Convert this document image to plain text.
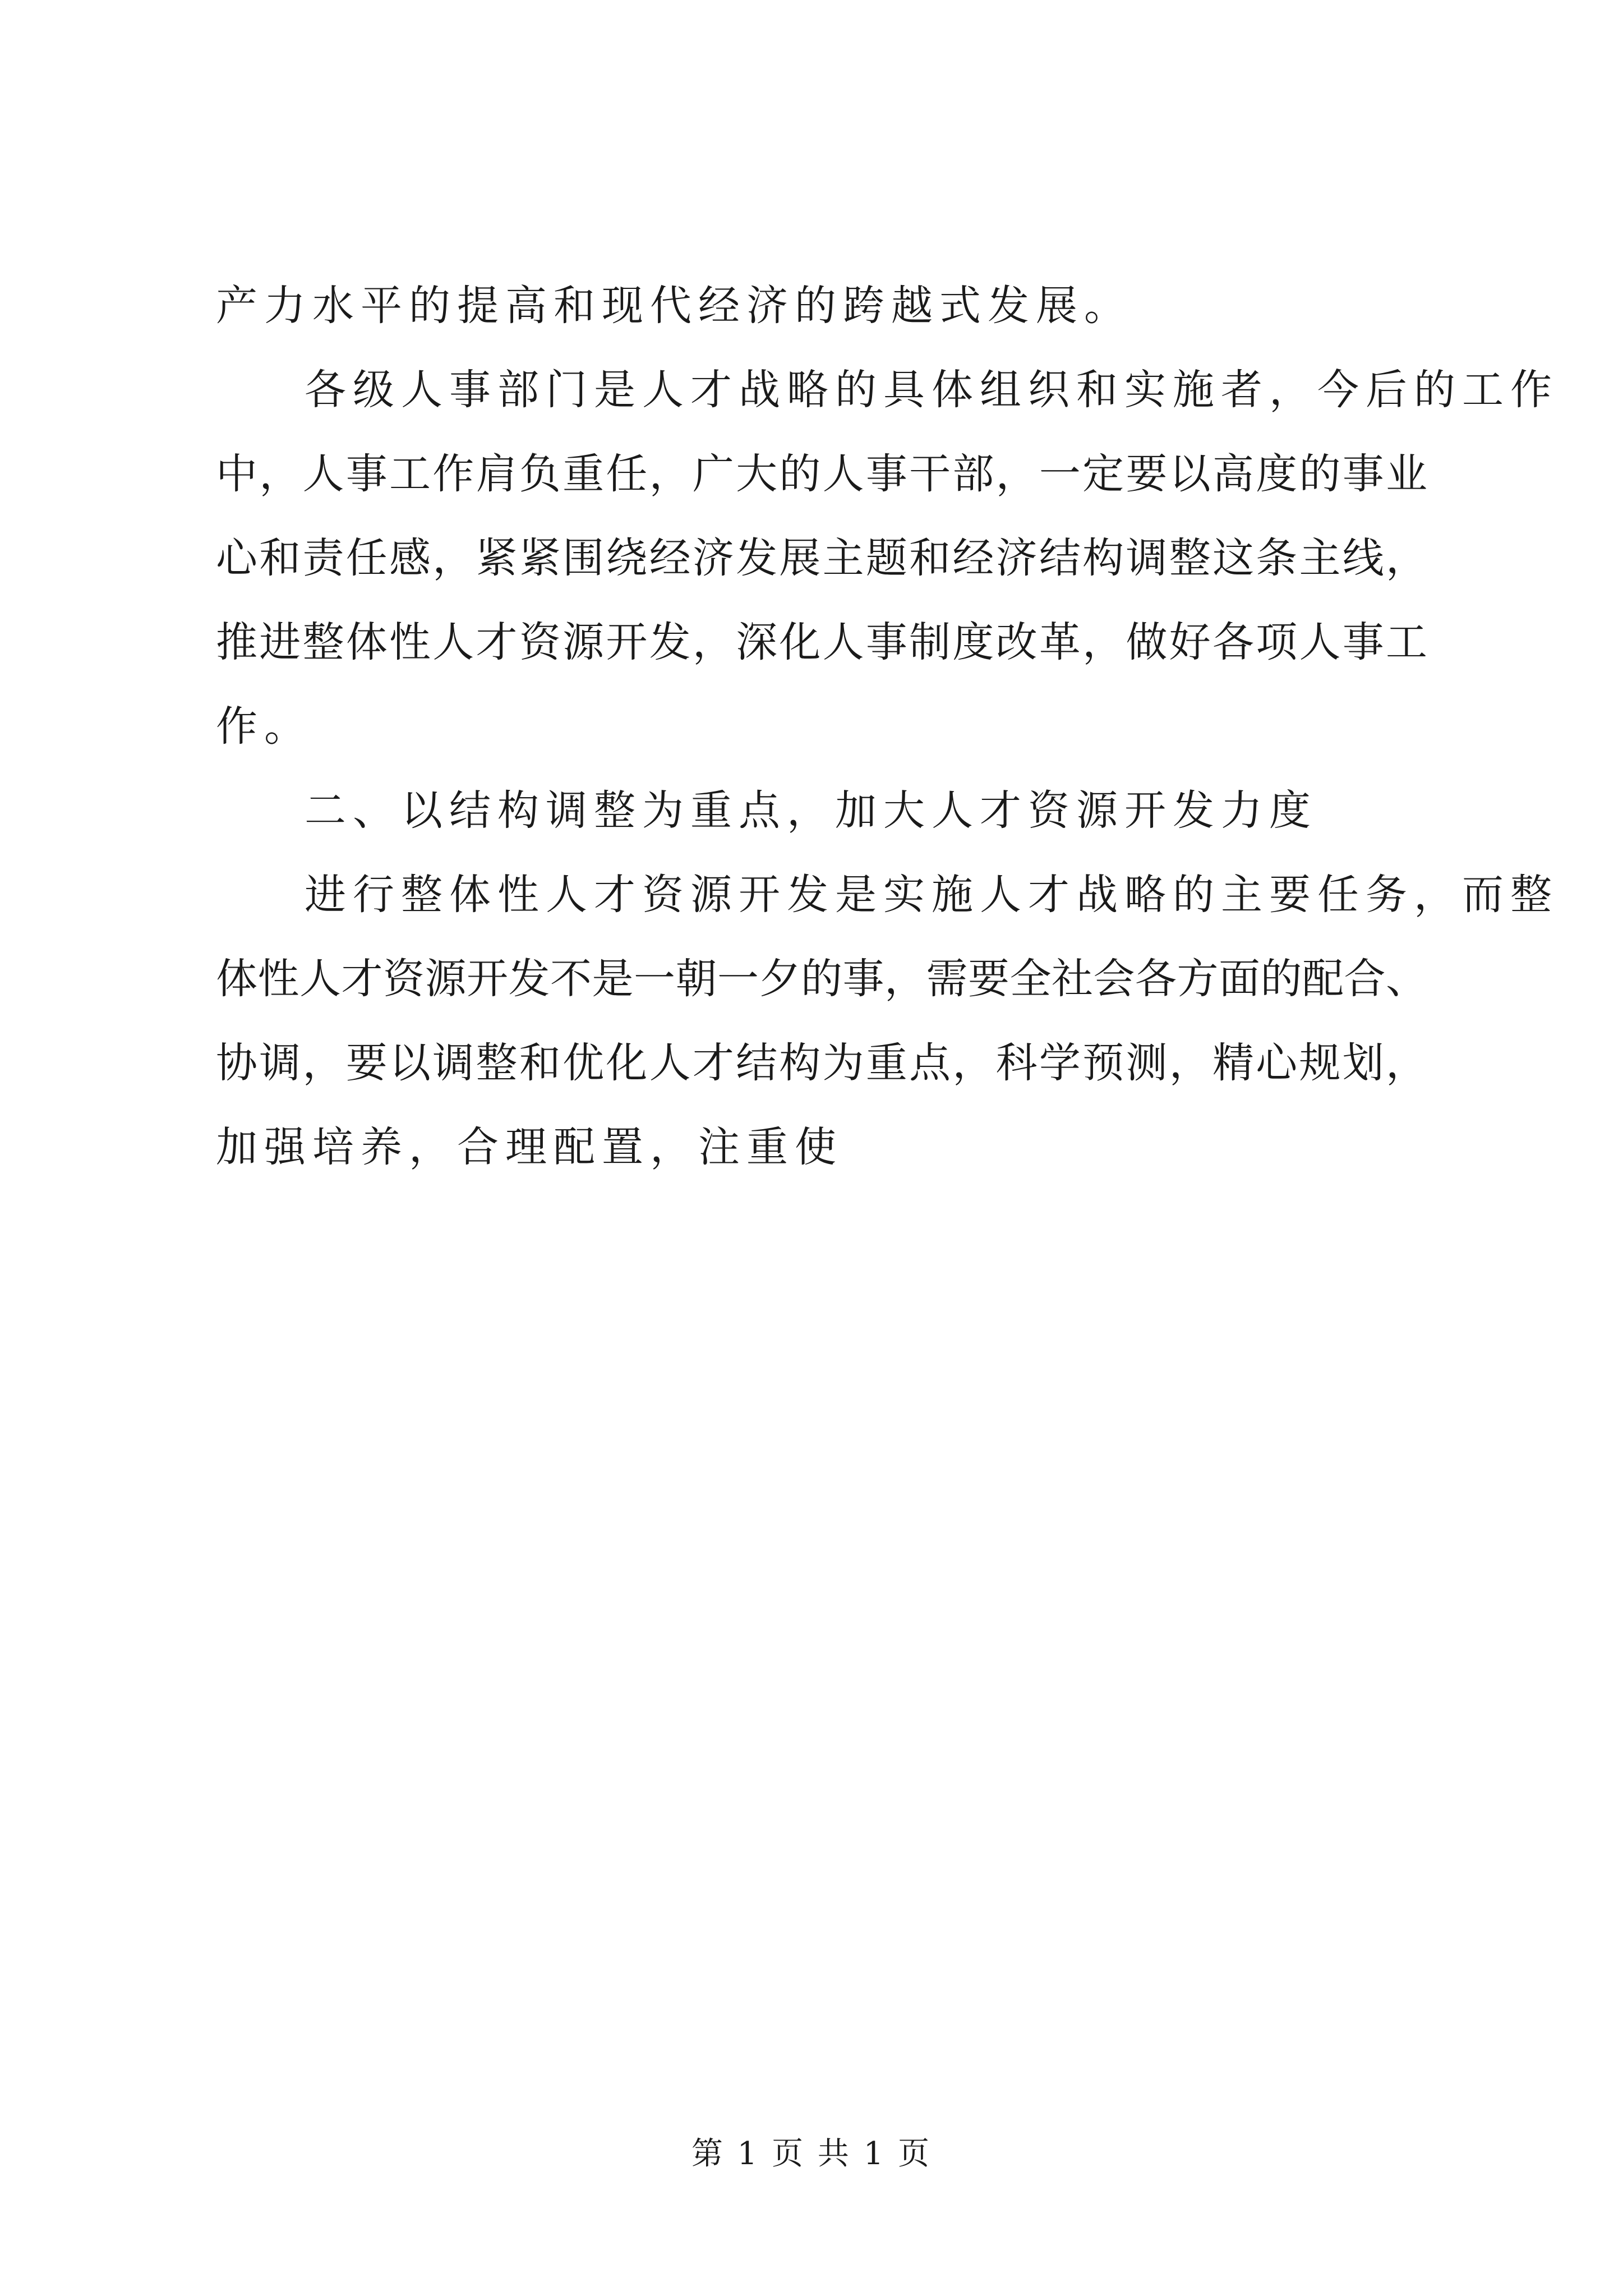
产力水平的提高和现代经济的跨越式发展。
各级人事部门是人才战略的具体组织和实施者，今后的工作
中，人事工作肩负重任，广大的人事干部，一定要以高度的事业
心和责任感，紧紧围绕经济发展主题和经济结构调整这条主线，
推进整体性人才资源开发，深化人事制度改革，做好各项人事工
作。
二、以结构调整为重点，加大人才资源开发力度
进行整体性人才资源开发是实施人才战略的主要任务，而整
体性人才资源开发不是一朝一夕的事，需要全社会各方面的配合、
协调，要以调整和优化人才结构为重点，科学预测，精心规划，
加强培养，合理配置，注重使
第 1 页 共 1 页
